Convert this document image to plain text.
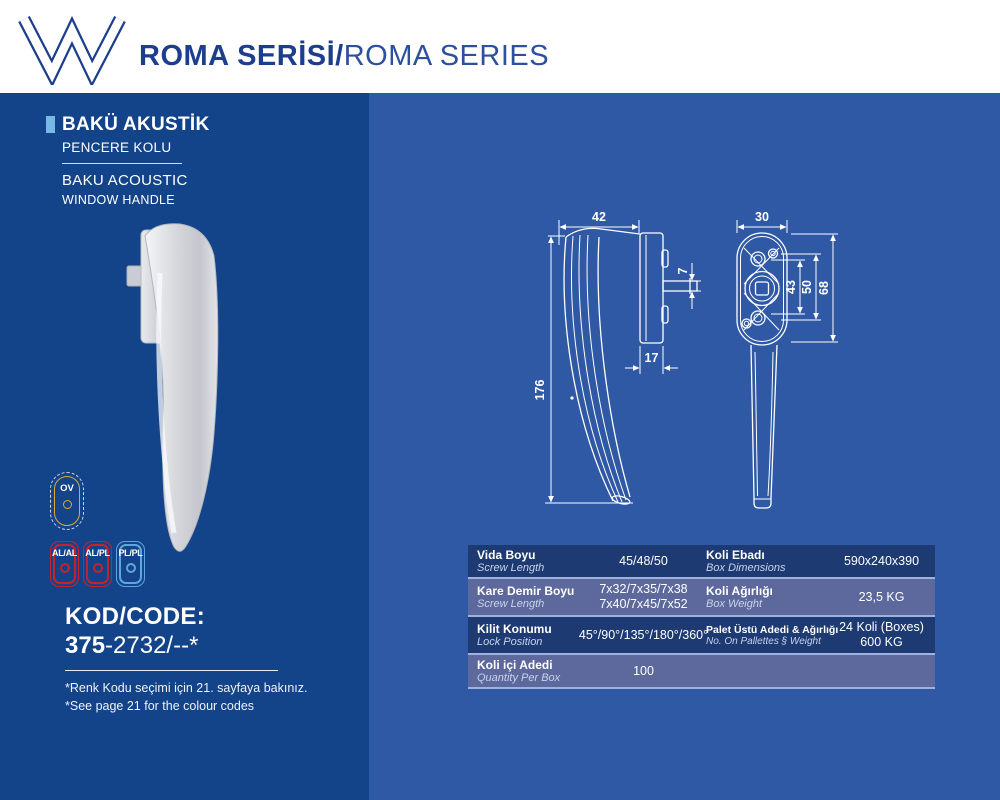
ROMA SERİSİ/ROMA SERIES
BAKÜ AKUSTİK
PENCERE KOLU
BAKU ACOUSTIC
WINDOW HANDLE
OV
AL/AL AL/PL PL/PL
KOD/CODE:
375-2732/--*
*Renk Kodu seçimi için 21. sayfaya bakınız.
*See page 21 for the colour codes
42
176
7
17
30
43 50 68
Vida Boyu
Screw Length
45/48/50	Koli Ebadı
Box Dimensions
590x240x390
Kare Demir Boyu
Screw Length
7x32/7x35/7x38
7x40/7x45/7x52
Koli Ağırlığı
Box Weight
23,5 KG
Kilit Konumu
Lock Position
45°/90°/135°/180°/360°
Palet Üstü Adedi & Ağırlığı
No. On Pallettes § Weight
24 Koli (Boxes)
600 KG
Koli içi Adedi
Quantity Per Box
100
